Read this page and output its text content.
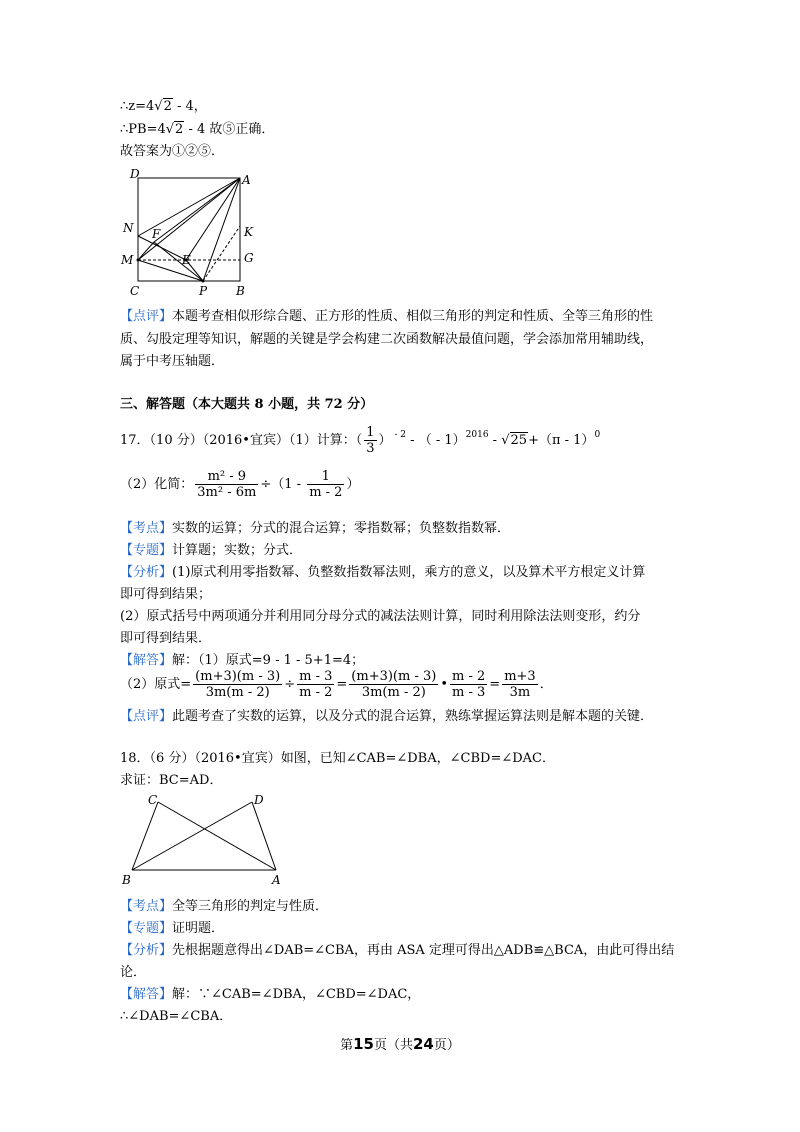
∴z=4√2 - 4，
∴PB=4√2 - 4 故⑤正确．
故答案为①②⑤．
D	A
N F	K
M	E	G
C	P B
【点评】本题考查相似形综合题、正方形的性质、相似三角形的判定和性质、全等三角形的性
质、勾股定理等知识，解题的关键是学会构建二次函数解决最值问题，学会添加常用辅助线，
属于中考压轴题．
三、解答题（本大题共 8 小题，共 72 分）
17．（10 分）（2016•宜宾）（1）计算：（ $\frac{1}{3}$ ） $^{- 2}$ - （ - 1）$^{2016}$ - √25+（π - 1）$^0$
（2）化简： $\frac{\text{m² - 9}}{\text{3m² - 6m}} \div(1 - \frac{1}{m - 2}$ ）
【考点】实数的运算；分式的混合运算；零指数幂；负整数指数幂．
【专题】计算题；实数；分式．
【分析】(1)原式利用零指数幂、负整数指数幂法则，乘方的意义，以及算术平方根定义计算
即可得到结果；
(2）原式括号中两项通分并利用同分母分式的减法法则计算，同时利用除法法则变形，约分
即可得到结果．
【解答】解：（1）原式=9 - 1 - 5+1=4；
（2）原式= $\frac{(m+3)(m - 3)}{3m(m - 2)} \div \frac{m - 3}{m - 2} = \frac{(m+3)(m - 3)}{3m(m - 2)}$ • $\frac{m - 2}{m - 3} = \frac{m+3}{3m}$ ．
【点评】此题考查了实数的运算，以及分式的混合运算，熟练掌握运算法则是解本题的关键．
18．（6 分）（2016•宜宾）如图，已知∠CAB=∠DBA，∠CBD=∠DAC．
求证：BC=AD．
C	D
B	A
【考点】全等三角形的判定与性质．
【专题】证明题．
【分析】先根据题意得出∠DAB=∠CBA，再由 ASA 定理可得出△ADB≌△BCA，由此可得出结
论．
【解答】解：∵∠CAB=∠DBA，∠CBD=∠DAC，
∴∠DAB=∠CBA．
第15页（共24页）
